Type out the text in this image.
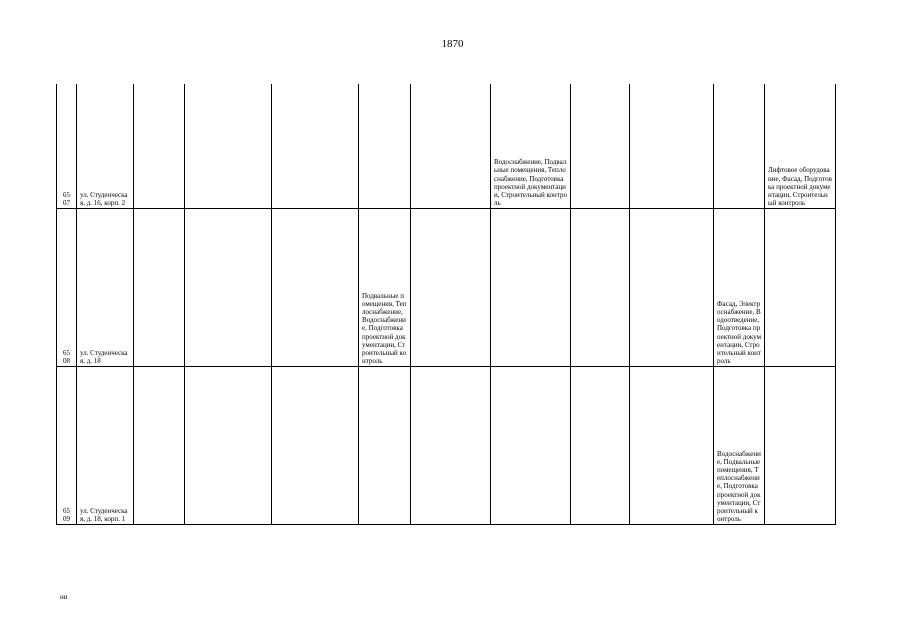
1870
65
07	ул. Студенческая, д. 16, корп. 2						Водоснабжение, Подвальные помещения, Теплоснабжение, Подготовка проектной документации, Строительный контроль				Лифтовое оборудование, Фасад, Подготовка проектной документации, Строительный контроль
65
08	ул. Студенческая, д. 18				Подвальные помещения, Теплоснабжение, Водоснабжение, Подготовка проектной документации, Строительный контроль					Фасад, Электроснабжение, Водоотведение, Подготовка проектной документации, Строительный контроль	
65
09	ул. Студенческая, д. 18, корп. 1									Водоснабжение, Подвальные помещения, Теплоснабжение, Подготовка проектной документации, Строительный контроль	
ни
